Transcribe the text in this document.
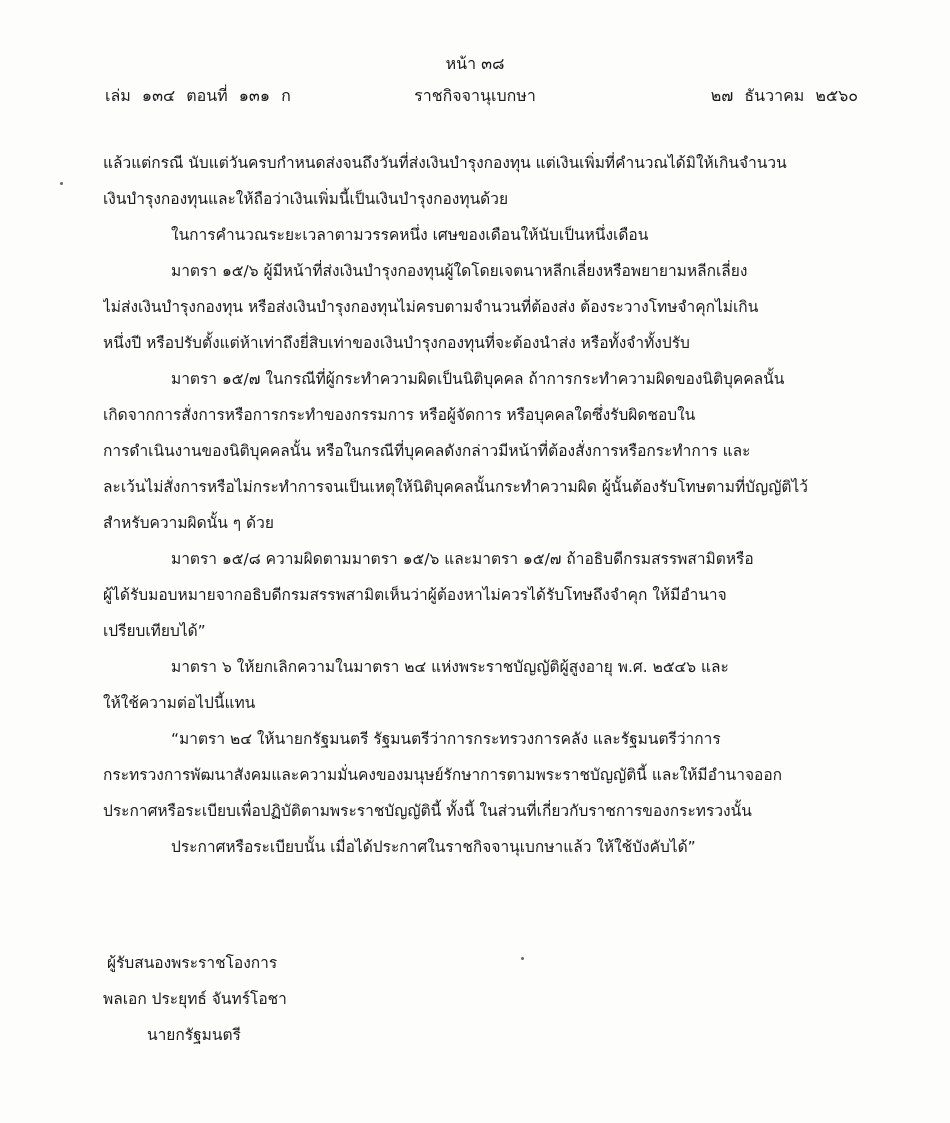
หน้า ๓๘
เล่ม ๑๓๔ ตอนที่ ๑๓๑ ก	ราชกิจจานุเบกษา	๒๗ ธันวาคม ๒๕๖๐
แล้วแต่กรณี นับแต่วันครบกำหนดส่งจนถึงวันที่ส่งเงินบำรุงกองทุน แต่เงินเพิ่มที่คำนวณได้มิให้เกินจำนวน
เงินบำรุงกองทุนและให้ถือว่าเงินเพิ่มนี้เป็นเงินบำรุงกองทุนด้วย
ในการคำนวณระยะเวลาตามวรรคหนึ่ง เศษของเดือนให้นับเป็นหนึ่งเดือน
มาตรา ๑๕/๖ ผู้มีหน้าที่ส่งเงินบำรุงกองทุนผู้ใดโดยเจตนาหลีกเลี่ยงหรือพยายามหลีกเลี่ยง
ไม่ส่งเงินบำรุงกองทุน หรือส่งเงินบำรุงกองทุนไม่ครบตามจำนวนที่ต้องส่ง ต้องระวางโทษจำคุกไม่เกิน
หนึ่งปี หรือปรับตั้งแต่ห้าเท่าถึงยี่สิบเท่าของเงินบำรุงกองทุนที่จะต้องนำส่ง หรือทั้งจำทั้งปรับ
มาตรา ๑๕/๗ ในกรณีที่ผู้กระทำความผิดเป็นนิติบุคคล ถ้าการกระทำความผิดของนิติบุคคลนั้น
เกิดจากการสั่งการหรือการกระทำของกรรมการ หรือผู้จัดการ หรือบุคคลใดซึ่งรับผิดชอบใน
การดำเนินงานของนิติบุคคลนั้น หรือในกรณีที่บุคคลดังกล่าวมีหน้าที่ต้องสั่งการหรือกระทำการ และ
ละเว้นไม่สั่งการหรือไม่กระทำการจนเป็นเหตุให้นิติบุคคลนั้นกระทำความผิด ผู้นั้นต้องรับโทษตามที่บัญญัติไว้
สำหรับความผิดนั้น ๆ ด้วย
มาตรา ๑๕/๘ ความผิดตามมาตรา ๑๕/๖ และมาตรา ๑๕/๗ ถ้าอธิบดีกรมสรรพสามิตหรือ
ผู้ได้รับมอบหมายจากอธิบดีกรมสรรพสามิตเห็นว่าผู้ต้องหาไม่ควรได้รับโทษถึงจำคุก ให้มีอำนาจ
เปรียบเทียบได้”
มาตรา ๖ ให้ยกเลิกความในมาตรา ๒๔ แห่งพระราชบัญญัติผู้สูงอายุ พ.ศ. ๒๕๔๖ และ
ให้ใช้ความต่อไปนี้แทน
“มาตรา ๒๔ ให้นายกรัฐมนตรี รัฐมนตรีว่าการกระทรวงการคลัง และรัฐมนตรีว่าการ
กระทรวงการพัฒนาสังคมและความมั่นคงของมนุษย์รักษาการตามพระราชบัญญัตินี้ และให้มีอำนาจออก
ประกาศหรือระเบียบเพื่อปฏิบัติตามพระราชบัญญัตินี้ ทั้งนี้ ในส่วนที่เกี่ยวกับราชการของกระทรวงนั้น
ประกาศหรือระเบียบนั้น เมื่อได้ประกาศในราชกิจจานุเบกษาแล้ว ให้ใช้บังคับได้”
ผู้รับสนองพระราชโองการ
พลเอก ประยุทธ์ จันทร์โอชา
นายกรัฐมนตรี
